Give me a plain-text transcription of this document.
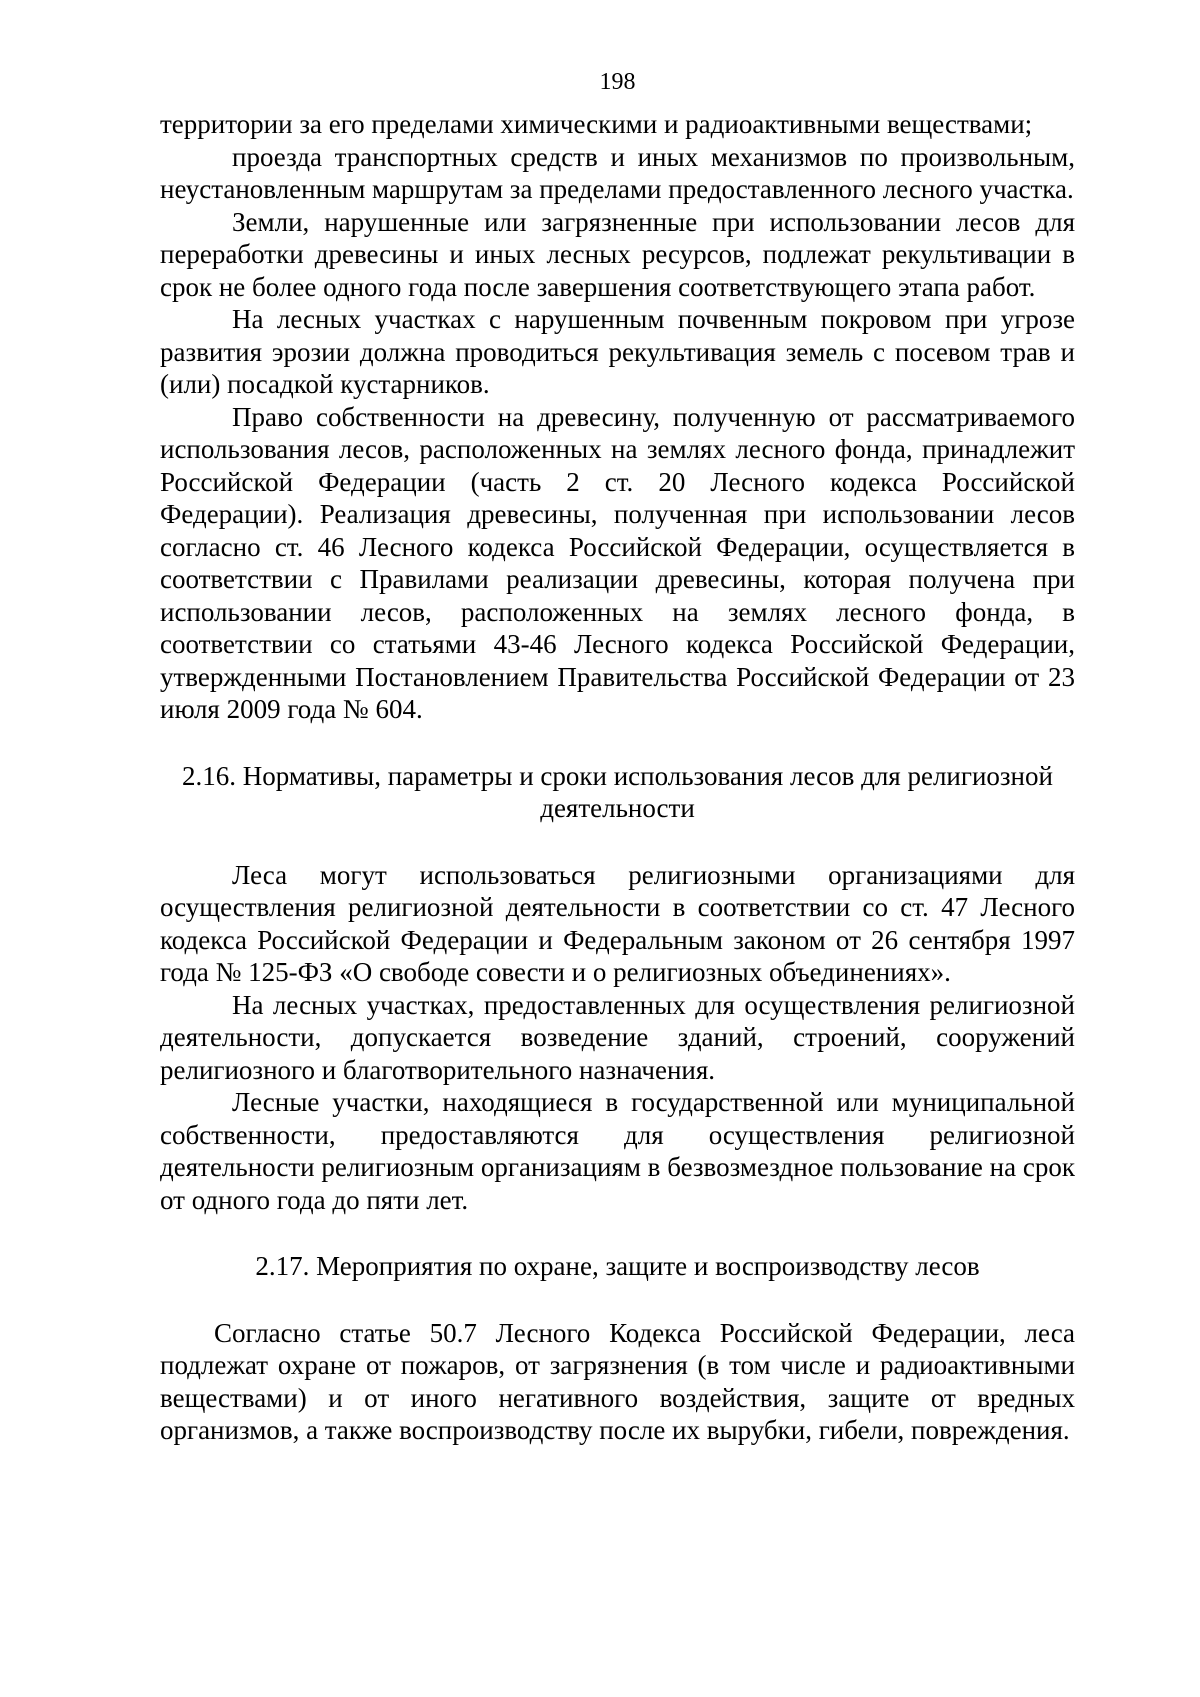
198

территории за его пределами химическими и радиоактивными веществами;

проезда транспортных средств и иных механизмов по произвольным, неустановленным маршрутам за пределами предоставленного лесного участка.

Земли, нарушенные или загрязненные при использовании лесов для переработки древесины и иных лесных ресурсов, подлежат рекультивации в срок не более одного года после завершения соответствующего этапа работ.

На лесных участках с нарушенным почвенным покровом при угрозе развития эрозии должна проводиться рекультивация земель с посевом трав и (или) посадкой кустарников.

Право собственности на древесину, полученную от рассматриваемого использования лесов, расположенных на землях лесного фонда, принадлежит Российской Федерации (часть 2 ст. 20 Лесного кодекса Российской Федерации). Реализация древесины, полученная при использовании лесов согласно ст. 46 Лесного кодекса Российской Федерации, осуществляется в соответствии с Правилами реализации древесины, которая получена при использовании лесов, расположенных на землях лесного фонда, в соответствии со статьями 43-46 Лесного кодекса Российской Федерации, утвержденными Постановлением Правительства Российской Федерации от 23 июля 2009 года № 604.

2.16. Нормативы, параметры и сроки использования лесов для религиозной

деятельности

Леса могут использоваться религиозными организациями для осуществления религиозной деятельности в соответствии со ст. 47 Лесного кодекса Российской Федерации и Федеральным законом от 26 сентября 1997 года № 125-ФЗ «О свободе совести и о религиозных объединениях».

На лесных участках, предоставленных для осуществления религиозной деятельности, допускается возведение зданий, строений, сооружений религиозного и благотворительного назначения.

Лесные участки, находящиеся в государственной или муниципальной собственности, предоставляются для осуществления религиозной деятельности религиозным организациям в безвозмездное пользование на срок от одного года до пяти лет.

2.17. Мероприятия по охране, защите и воспроизводству лесов

Согласно статье 50.7 Лесного Кодекса Российской Федерации, леса подлежат охране от пожаров, от загрязнения (в том числе и радиоактивными веществами) и от иного негативного воздействия, защите от вредных организмов, а также воспроизводству после их вырубки, гибели, повреждения.
